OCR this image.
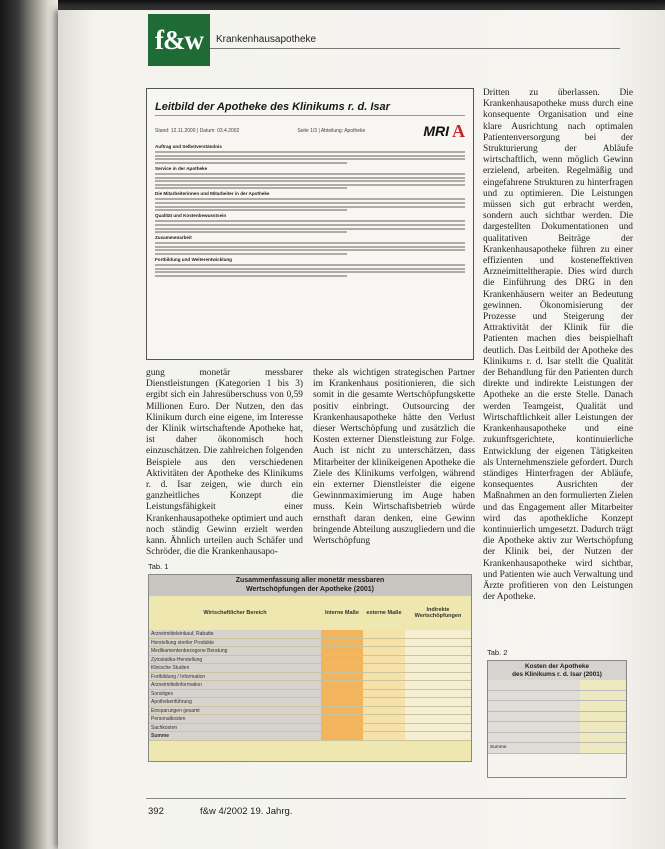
f&w	Krankenhausapotheke
Leitbild der Apotheke des Klinikums r. d. Isar
Stand: 12.11.2000 | Datum: 03.4.2002	Seite 1/3 | Abteilung: Apotheke	MRI A
Auftrag und Selbstverständnis
Service in der Apotheke
Die Mitarbeiterinnen und Mitarbeiter in der Apotheke
Qualität und Kostenbewusstsein
Zusammenarbeit
Fortbildung und Weiterentwicklung

gung monetär messbarer Dienstleistungen (Kategorien 1 bis 3) ergibt sich ein Jahresüberschuss von 0,59 Millionen Euro. Der Nutzen, den das Klinikum durch eine eigene, im Interesse der Klinik wirtschaftende Apotheke hat, ist daher ökonomisch hoch einzuschätzen. Die zahlreichen folgenden Beispiele aus den verschiedenen Aktivitäten der Apotheke des Klinikums r. d. Isar zeigen, wie durch ein ganzheitliches Konzept die Leistungsfähigkeit einer Krankenhausapotheke optimiert und auch noch ständig Gewinn erzielt werden kann. Ähnlich urteilen auch Schäfer und Schröder, die die Krankenhausapo-

theke als wichtigen strategischen Partner im Krankenhaus positionieren, die sich somit in die gesamte Wertschöpfungskette positiv einbringt. Outsourcing der Krankenhausapotheke hätte den Verlust dieser Wertschöpfung und zusätzlich die Kosten externer Dienstleistung zur Folge. Auch ist nicht zu unterschätzen, dass Mitarbeiter der klinikeigenen Apotheke die Ziele des Klinikums verfolgen, während ein externer Dienstleister die eigene Gewinnmaximierung im Auge haben muss. Kein Wirtschaftsbetrieb würde ernsthaft daran denken, eine Gewinn bringende Abteilung auszugliedern und die Wertschöpfung

Dritten zu überlassen. Die Krankenhausapotheke muss durch eine konsequente Organisation und eine klare Ausrichtung nach optimalen Patientenversorgung bei der Strukturierung der Abläufe wirtschaftlich, wenn möglich Gewinn erzielend, arbeiten. Regelmäßig und eingefahrene Strukturen zu hinterfragen und zu optimieren. Die Leistungen müssen sich gut erbracht werden, sondern auch sichtbar werden. Die dargestellten Dokumentationen und qualitativen Beiträge der Krankenhausapotheke führen zu einer effizienten und kosteneffektiven Arzneimitteltherapie. Dies wird durch die Einführung des DRG in den Krankenhäusern weiter an Bedeutung gewinnen. Ökonomisierung der Prozesse und Steigerung der Attraktivität der Klinik für die Patienten machen dies beispielhaft deutlich. Das Leitbild der Apotheke des Klinikums r. d. Isar stellt die Qualität der Behandlung für den Patienten durch direkte und indirekte Leistungen der Apotheke an die erste Stelle. Danach werden Teamgeist, Qualität und Wirtschaftlichkeit aller Leistungen der Krankenhausapotheke und eine zukunftsgerichtete, kontinuierliche Entwicklung der eigenen Tätigkeiten als Unternehmensziele gefordert. Durch ständiges Hinterfragen der Abläufe, konsequentes Ausrichten der Maßnahmen an den formulierten Zielen und das Engagement aller Mitarbeiter wird das apothekliche Konzept kontinuierlich umgesetzt. Dadurch trägt die Apotheke aktiv zur Wertschöpfung der Klinik bei, der Nutzen der Krankenhausapotheke wird sichtbar, und Patienten wie auch Verwaltung und Ärzte profitieren von den Leistungen der Apotheke.

Tab. 1
Zusammenfassung aller monetär messbaren
Wertschöpfungen der Apotheke (2001)
Wirtschaftlicher Bereich	Interne Maße	externe Maße	Indirekte Wertschöpfungen
Arzneimitteleinkauf, Rabatte
Herstellung steriler Produkte
Medikamentenbezogene Beratung
Zytostatika-Herstellung
Klinische Studien
Fortbildung / Information
Arzneimittelinformation
Sonstiges
Apothekenführung
Einsparungen gesamt
Personalkosten
Sachkosten
Summe
Tab. 2
Kosten der Apotheke
des Klinikums r. d. Isar (2001)
Summe
392	f&w 4/2002 19. Jahrg.
